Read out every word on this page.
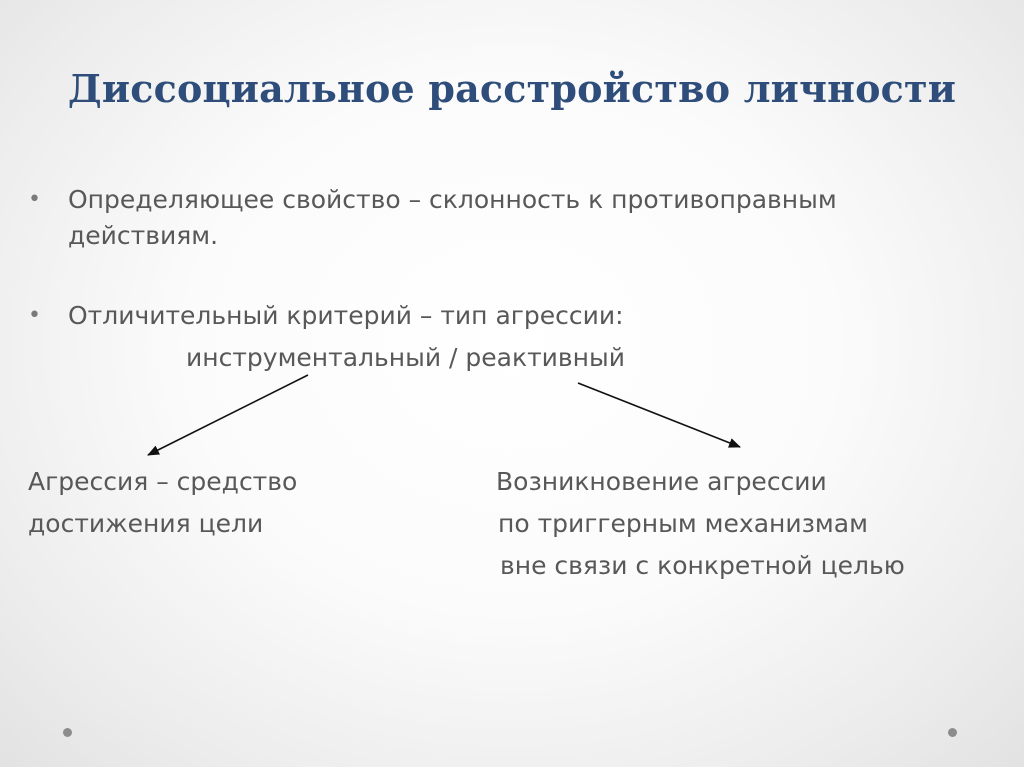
Диссоциальное расстройство личности
• Определяющее свойство – склонность к противоправным
действиям.
• Отличительный критерий – тип агрессии:
инструментальный / реактивный
Агрессия – средство
достижения цели
Возникновение агрессии
по триггерным механизмам
вне связи с конкретной целью
